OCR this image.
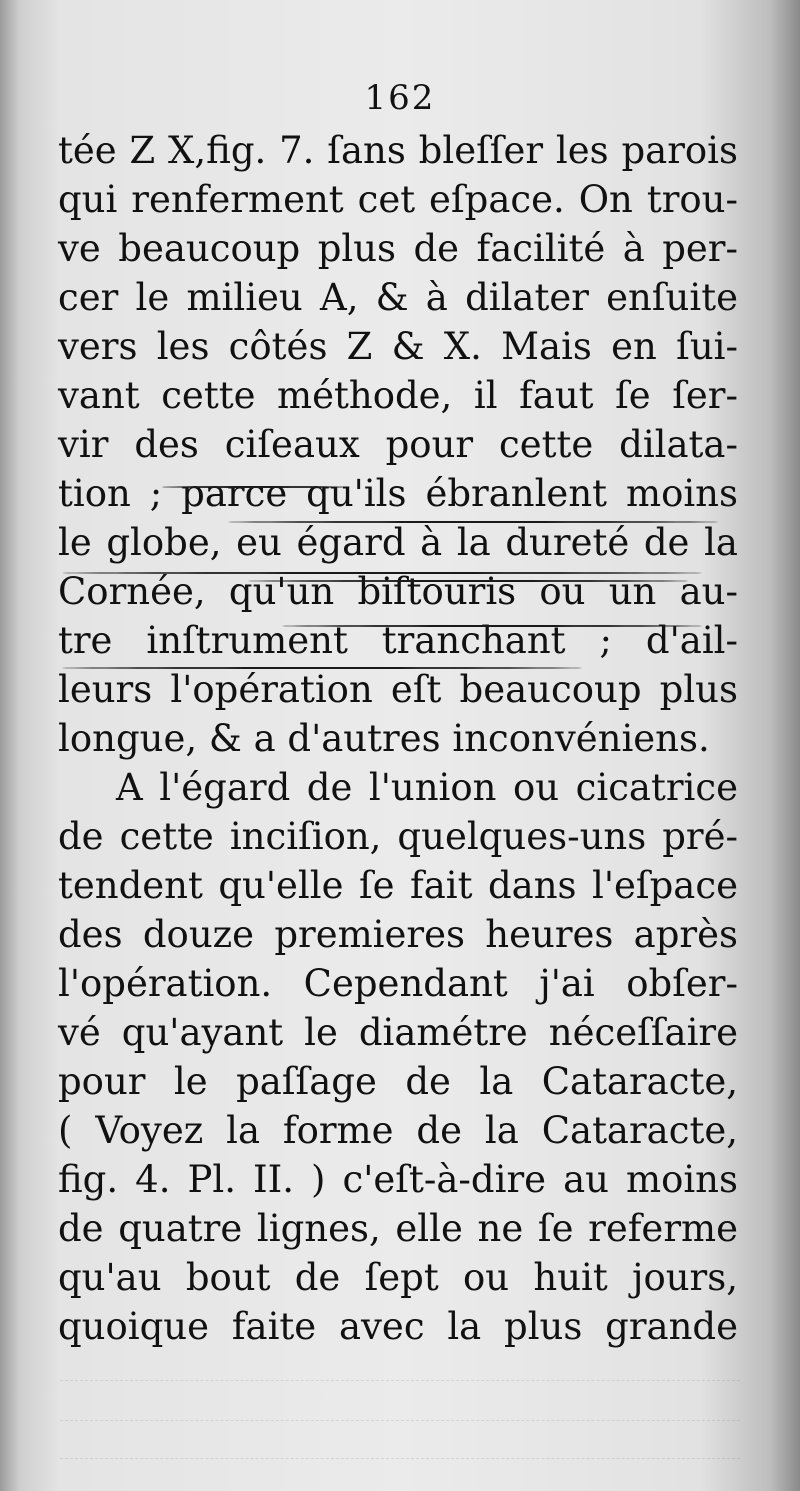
162
tée Z X,fig. 7. ſans bleſſer les parois
qui renferment cet eſpace. On trou-
ve beaucoup plus de facilité à per-
cer le milieu A, & à dilater enſuite
vers les côtés Z & X. Mais en ſui-
vant cette méthode, il faut ſe ſer-
vir des ciſeaux pour cette dilata-
tion ; parce qu'ils ébranlent moins
le globe, eu égard à la dureté de la
Cornée, qu'un biſtouris ou un au-
tre inſtrument tranchant ; d'ail-
leurs l'opération eſt beaucoup plus
longue, & a d'autres inconvéniens.
A l'égard de l'union ou cicatrice
de cette inciſion, quelques-uns pré-
tendent qu'elle ſe fait dans l'eſpace
des douze premieres heures après
l'opération. Cependant j'ai obſer-
vé qu'ayant le diamétre néceſſaire
pour le paſſage de la Cataracte,
( Voyez la forme de la Cataracte,
fig. 4. Pl. II. ) c'eſt-à-dire au moins
de quatre lignes, elle ne ſe referme
qu'au bout de ſept ou huit jours,
quoique faite avec la plus grande
